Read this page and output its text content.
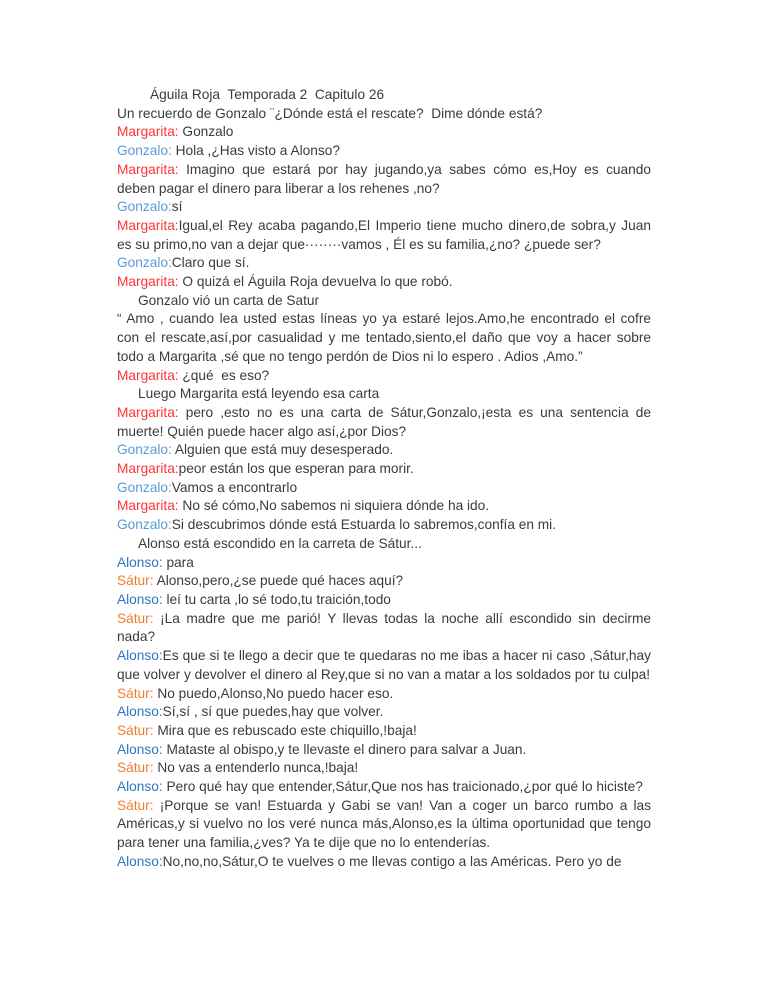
Águila Roja  Temporada 2  Capitulo 26

Un recuerdo de Gonzalo ¨¿Dónde está el rescate?  Dime dónde está?

Margarita: Gonzalo

Gonzalo: Hola ,¿Has visto a Alonso?

Margarita: Imagino que estará por hay jugando,ya sabes cómo es,Hoy es cuando deben pagar el dinero para liberar a los rehenes ,no?

Gonzalo:sí

Margarita:Igual,el Rey acaba pagando,El Imperio tiene mucho dinero,de sobra,y Juan es su primo,no van a dejar que········vamos , Él es su familia,¿no? ¿puede ser?

Gonzalo:Claro que sí.

Margarita: O quizá el Águila Roja devuelva lo que robó.

Gonzalo vió un carta de Satur

“ Amo , cuando lea usted estas líneas yo ya estaré lejos.Amo,he encontrado el cofre con el rescate,así,por casualidad y me tentado,siento,el daño que voy a hacer sobre todo a Margarita ,sé que no tengo perdón de Dios ni lo espero . Adios ,Amo.”

Margarita: ¿qué  es eso?

Luego Margarita está leyendo esa carta

Margarita: pero ,esto no es una carta de Sátur,Gonzalo,¡esta es una sentencia de muerte! Quién puede hacer algo así,¿por Dios?

Gonzalo: Alguien que está muy desesperado.

Margarita:peor están los que esperan para morir.

Gonzalo:Vamos a encontrarlo

Margarita: No sé cómo,No sabemos ni siquiera dónde ha ido.

Gonzalo:Si descubrimos dónde está Estuarda lo sabremos,confía en mi.

Alonso está escondido en la carreta de Sátur...

Alonso: para

Sátur: Alonso,pero,¿se puede qué haces aquí?

Alonso: leí tu carta ,lo sé todo,tu traición,todo

Sátur: ¡La madre que me parió! Y llevas todas la noche allí escondido sin decirme nada?

Alonso:Es que si te llego a decir que te quedaras no me ibas a hacer ni caso ,Sátur,hay que volver y devolver el dinero al Rey,que si no van a matar a los soldados por tu culpa!

Sátur: No puedo,Alonso,No puedo hacer eso.

Alonso:Sí,sí , sí que puedes,hay que volver.

Sátur: Mira que es rebuscado este chiquillo,!baja!

Alonso: Mataste al obispo,y te llevaste el dinero para salvar a Juan.

Sátur: No vas a entenderlo nunca,!baja!

Alonso: Pero qué hay que entender,Sátur,Que nos has traicionado,¿por qué lo hiciste?

Sátur: ¡Porque se van! Estuarda y Gabi se van! Van a coger un barco rumbo a las Américas,y si vuelvo no los veré nunca más,Alonso,es la última oportunidad que tengo para tener una familia,¿ves? Ya te dije que no lo entenderías.

Alonso:No,no,no,Sátur,O te vuelves o me llevas contigo a las Américas. Pero yo de
